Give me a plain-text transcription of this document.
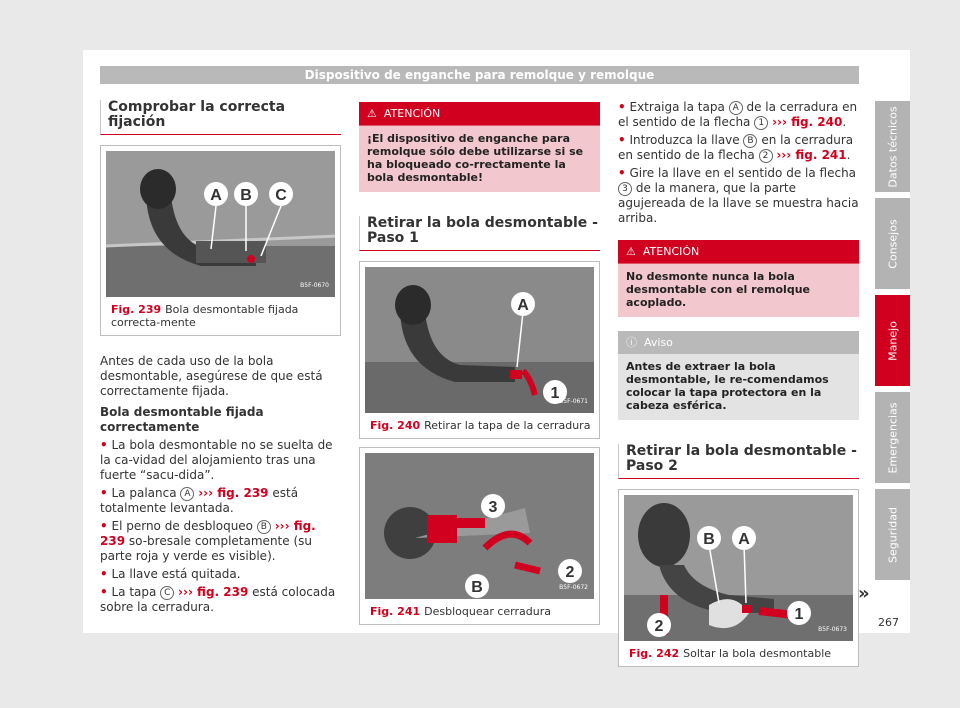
Dispositivo de enganche para remolque y remolque
Comprobar la correcta fijación
A B C
B5F-0670
Fig. 239 Bola desmontable fijada correcta-mente

Antes de cada uso de la bola desmontable, asegúrese de que está correctamente fijada.

Bola desmontable fijada correctamente

• La bola desmontable no se suelta de la ca-vidad del alojamiento tras una fuerte “sacu-dida”.
• La palanca A ››› fig. 239 está totalmente levantada.
• El perno de desbloqueo B ››› fig. 239 so-bresale completamente (su parte roja y verde es visible).
• La llave está quitada.
• La tapa C ››› fig. 239 está colocada sobre la cerradura.
⚠ ATENCIÓN
¡El dispositivo de enganche para remolque sólo debe utilizarse si se ha bloqueado co-rrectamente la bola desmontable!
Retirar la bola desmontable - Paso 1
A
1 B5F-0671
Fig. 240 Retirar la tapa de la cerradura
3
2
B	B5F-0672
Fig. 241 Desbloquear cerradura
• Extraiga la tapa A de la cerradura en el sentido de la flecha 1 ››› fig. 240.
• Introduzca la llave B en la cerradura en sentido de la flecha 2 ››› fig. 241.
• Gire la llave en el sentido de la flecha 3 de la manera, que la parte agujereada de la llave se muestra hacia arriba.
⚠ ATENCIÓN
No desmonte nunca la bola desmontable con el remolque acoplado.
ⓘ Aviso
Antes de extraer la bola desmontable, le re-comendamos colocar la tapa protectora en la cabeza esférica.
Retirar la bola desmontable - Paso 2
B A
2
1
B5F-0673
Fig. 242 Soltar la bola desmontable
»
Datos técnicos
Consejos
Manejo
Emergencias
Seguridad
267
